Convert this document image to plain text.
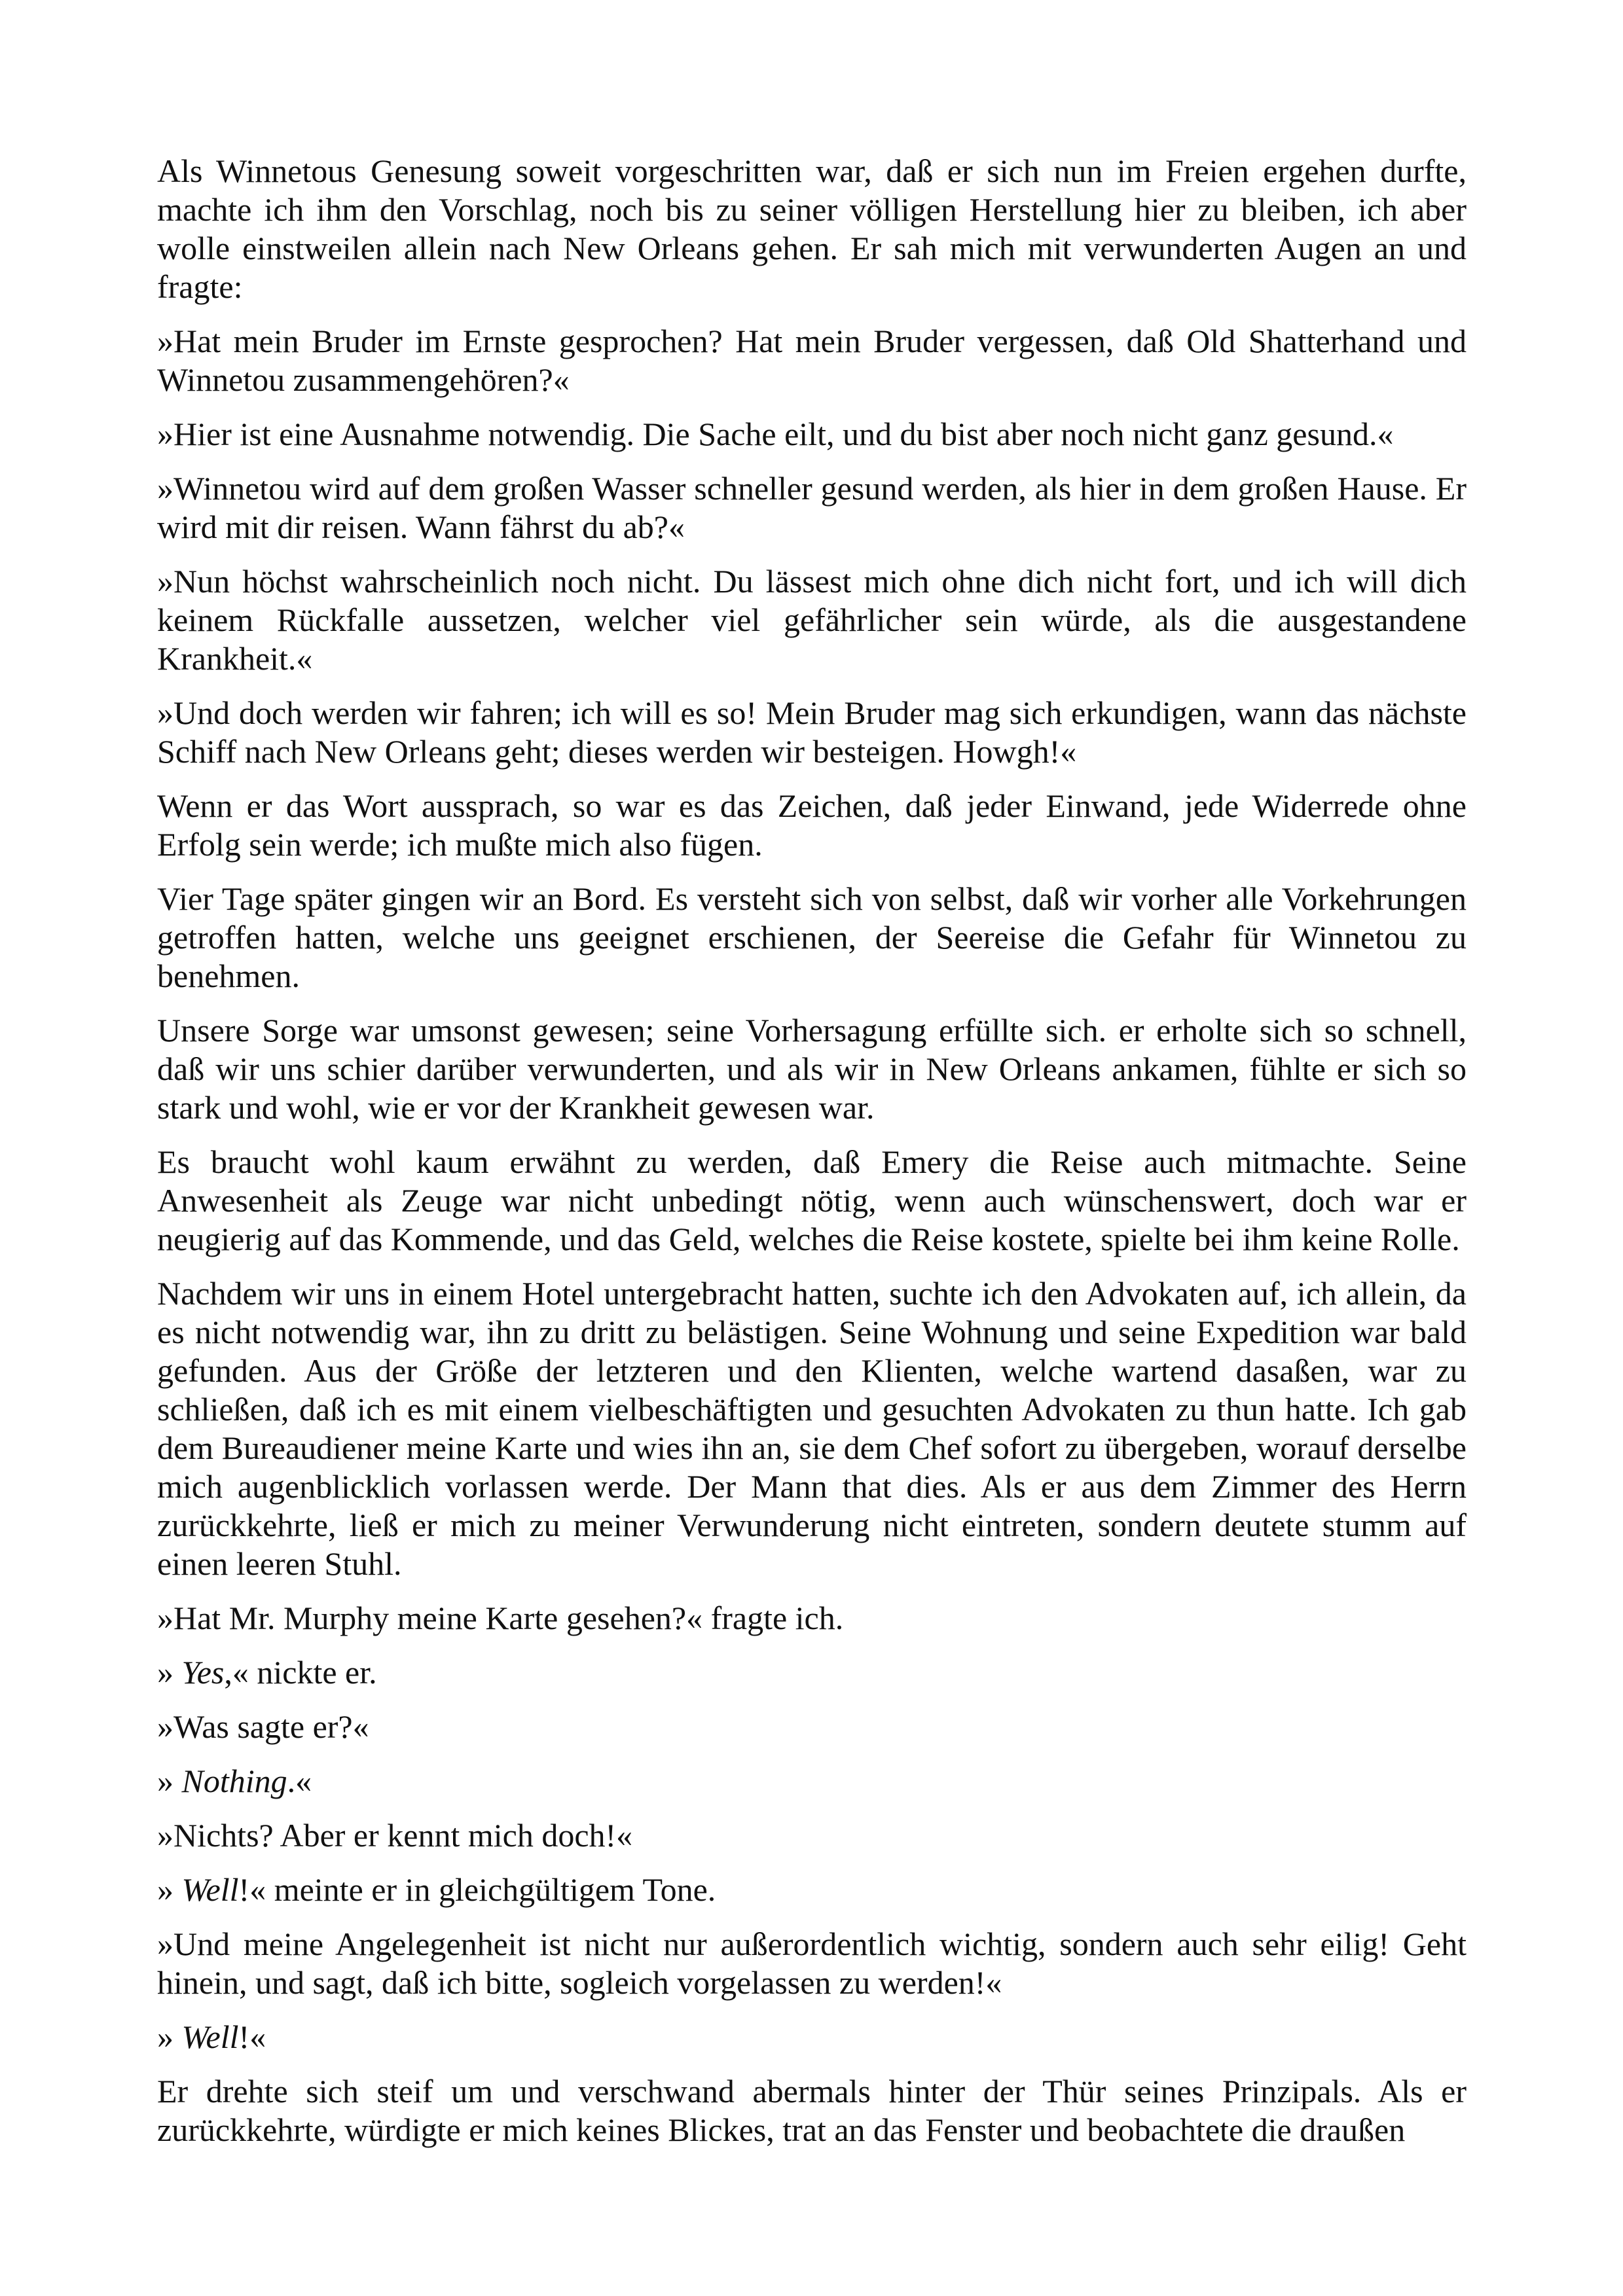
Als Winnetous Genesung soweit vorgeschritten war, daß er sich nun im Freien ergehen durfte, machte ich ihm den Vorschlag, noch bis zu seiner völligen Herstellung hier zu bleiben, ich aber wolle einstweilen allein nach New Orleans gehen. Er sah mich mit verwunderten Augen an und fragte:

»Hat mein Bruder im Ernste gesprochen? Hat mein Bruder vergessen, daß Old Shatterhand und Winnetou zusammengehören?«

»Hier ist eine Ausnahme notwendig. Die Sache eilt, und du bist aber noch nicht ganz gesund.«

»Winnetou wird auf dem großen Wasser schneller gesund werden, als hier in dem großen Hause. Er wird mit dir reisen. Wann fährst du ab?«

»Nun höchst wahrscheinlich noch nicht. Du lässest mich ohne dich nicht fort, und ich will dich keinem Rückfalle aussetzen, welcher viel gefährlicher sein würde, als die ausgestandene Krankheit.«

»Und doch werden wir fahren; ich will es so! Mein Bruder mag sich erkundigen, wann das nächste Schiff nach New Orleans geht; dieses werden wir besteigen. Howgh!«

Wenn er das Wort aussprach, so war es das Zeichen, daß jeder Einwand, jede Widerrede ohne Erfolg sein werde; ich mußte mich also fügen.

Vier Tage später gingen wir an Bord. Es versteht sich von selbst, daß wir vorher alle Vorkehrungen getroffen hatten, welche uns geeignet erschienen, der Seereise die Gefahr für Winnetou zu benehmen.

Unsere Sorge war umsonst gewesen; seine Vorhersagung erfüllte sich. er erholte sich so schnell, daß wir uns schier darüber verwunderten, und als wir in New Orleans ankamen, fühlte er sich so stark und wohl, wie er vor der Krankheit gewesen war.

Es braucht wohl kaum erwähnt zu werden, daß Emery die Reise auch mitmachte. Seine Anwesenheit als Zeuge war nicht unbedingt nötig, wenn auch wünschenswert, doch war er neugierig auf das Kommende, und das Geld, welches die Reise kostete, spielte bei ihm keine Rolle.

Nachdem wir uns in einem Hotel untergebracht hatten, suchte ich den Advokaten auf, ich allein, da es nicht notwendig war, ihn zu dritt zu belästigen. Seine Wohnung und seine Expedition war bald gefunden. Aus der Größe der letzteren und den Klienten, welche wartend dasaßen, war zu schließen, daß ich es mit einem vielbeschäftigten und gesuchten Advokaten zu thun hatte. Ich gab dem Bureaudiener meine Karte und wies ihn an, sie dem Chef sofort zu übergeben, worauf derselbe mich augenblicklich vorlassen werde. Der Mann that dies. Als er aus dem Zimmer des Herrn zurückkehrte, ließ er mich zu meiner Verwunderung nicht eintreten, sondern deutete stumm auf einen leeren Stuhl.

»Hat Mr. Murphy meine Karte gesehen?« fragte ich.

» Yes,« nickte er.

»Was sagte er?«

» Nothing.«

»Nichts? Aber er kennt mich doch!«

» Well!« meinte er in gleichgültigem Tone.

»Und meine Angelegenheit ist nicht nur außerordentlich wichtig, sondern auch sehr eilig! Geht hinein, und sagt, daß ich bitte, sogleich vorgelassen zu werden!«

» Well!«

Er drehte sich steif um und verschwand abermals hinter der Thür seines Prinzipals. Als er zurückkehrte, würdigte er mich keines Blickes, trat an das Fenster und beobachtete die draußen
